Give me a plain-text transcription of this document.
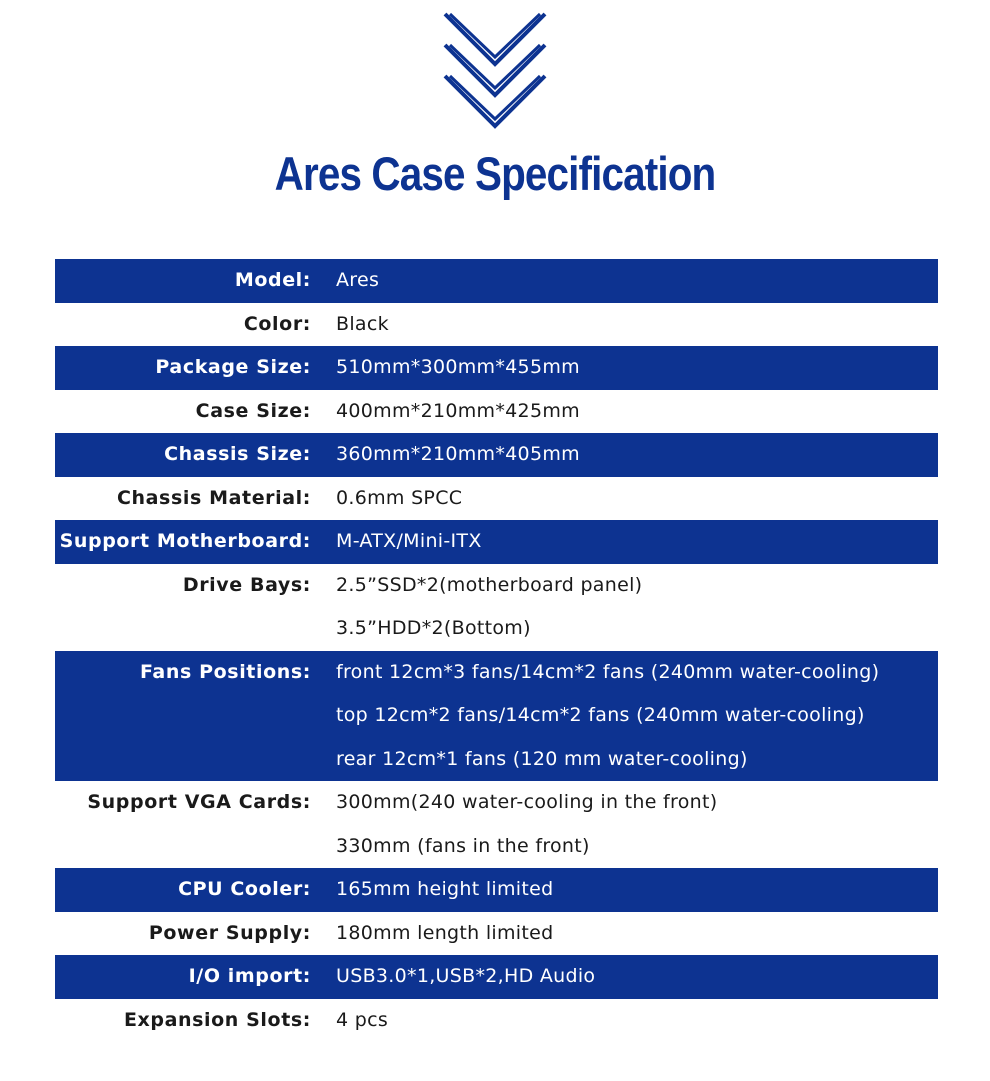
Ares Case Specification
Model: Ares
Color: Black
Package Size: 510mm*300mm*455mm
Case Size: 400mm*210mm*425mm
Chassis Size: 360mm*210mm*405mm
Chassis Material: 0.6mm SPCC
Support Motherboard: M-ATX/Mini-ITX
Drive Bays: 2.5”SSD*2(motherboard panel)
3.5”HDD*2(Bottom)
Fans Positions: front 12cm*3 fans/14cm*2 fans (240mm water-cooling)
top 12cm*2 fans/14cm*2 fans (240mm water-cooling)
rear 12cm*1 fans (120 mm water-cooling)
Support VGA Cards: 300mm(240 water-cooling in the front)
330mm (fans in the front)
CPU Cooler: 165mm height limited
Power Supply: 180mm length limited
I/O import: USB3.0*1,USB*2,HD Audio
Expansion Slots: 4 pcs
